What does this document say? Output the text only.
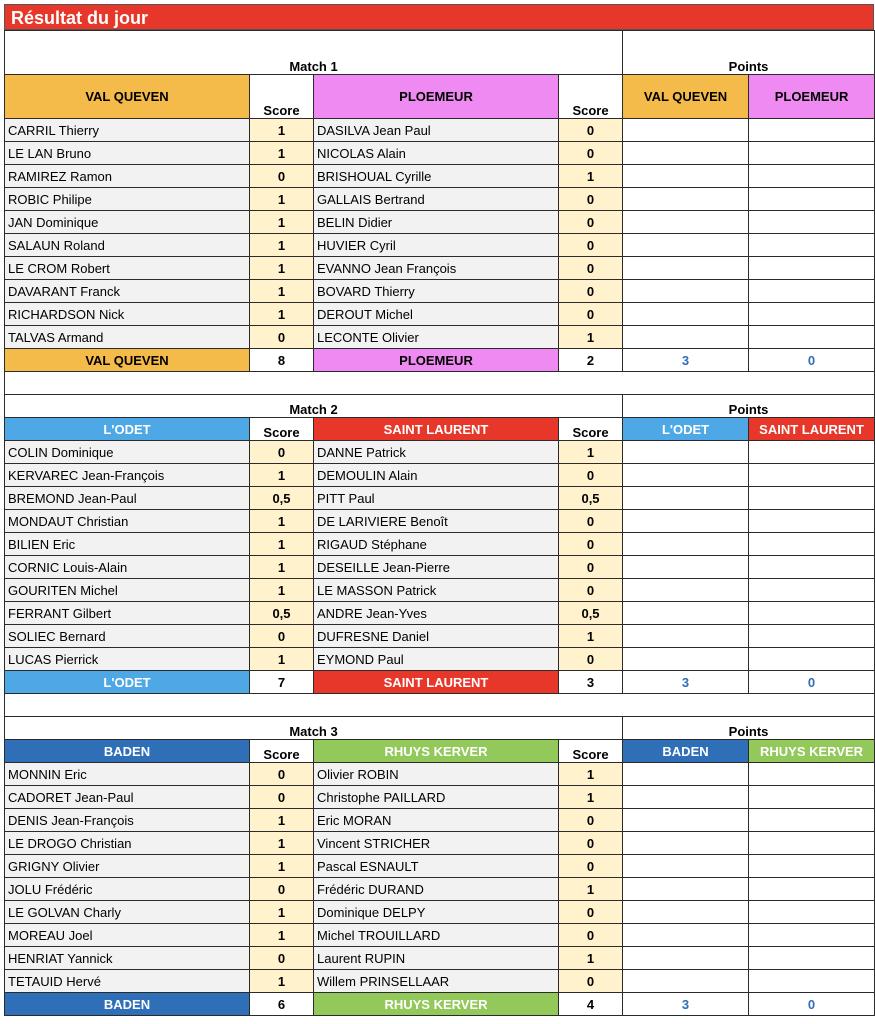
Résultat du jour
Match 1				Points	
VAL QUEVEN	Score	PLOEMEUR	Score	VAL QUEVEN	PLOEMEUR
CARRIL Thierry	1	DASILVA Jean Paul	0		
LE LAN Bruno	1	NICOLAS Alain	0		
RAMIREZ Ramon	0	BRISHOUAL Cyrille	1		
ROBIC Philipe	1	GALLAIS Bertrand	0		
JAN Dominique	1	BELIN Didier	0		
SALAUN Roland	1	HUVIER Cyril	0		
LE CROM Robert	1	EVANNO Jean François	0		
DAVARANT Franck	1	BOVARD Thierry	0		
RICHARDSON Nick	1	DEROUT Michel	0		
TALVAS Armand	0	LECONTE Olivier	1		
VAL QUEVEN	8	PLOEMEUR	2	3	0

Match 2				Points	
L'ODET	Score	SAINT LAURENT	Score	L'ODET	SAINT LAURENT
COLIN Dominique	0	DANNE Patrick	1		
KERVAREC Jean-François	1	DEMOULIN Alain	0		
BREMOND Jean-Paul	0,5	PITT Paul	0,5		
MONDAUT Christian	1	DE LARIVIERE Benoît	0		
BILIEN Eric	1	RIGAUD Stéphane	0		
CORNIC Louis-Alain	1	DESEILLE Jean-Pierre	0		
GOURITEN Michel	1	LE MASSON Patrick	0		
FERRANT Gilbert	0,5	ANDRE Jean-Yves	0,5		
SOLIEC Bernard	0	DUFRESNE Daniel	1		
LUCAS Pierrick	1	EYMOND Paul	0		
L'ODET	7	SAINT LAURENT	3	3	0

Match 3				Points	
BADEN	Score	RHUYS KERVER	Score	BADEN	RHUYS KERVER
MONNIN Eric	0	Olivier ROBIN	1		
CADORET Jean-Paul	0	Christophe PAILLARD	1		
DENIS Jean-François	1	Eric MORAN	0		
LE DROGO Christian	1	Vincent STRICHER	0		
GRIGNY Olivier	1	Pascal ESNAULT	0		
JOLU Frédéric	0	Frédéric DURAND	1		
LE GOLVAN Charly	1	Dominique DELPY	0		
MOREAU Joel	1	Michel TROUILLARD	0		
HENRIAT Yannick	0	Laurent RUPIN	1		
TETAUID Hervé	1	Willem PRINSELLAAR	0		
BADEN	6	RHUYS KERVER	4	3	0
